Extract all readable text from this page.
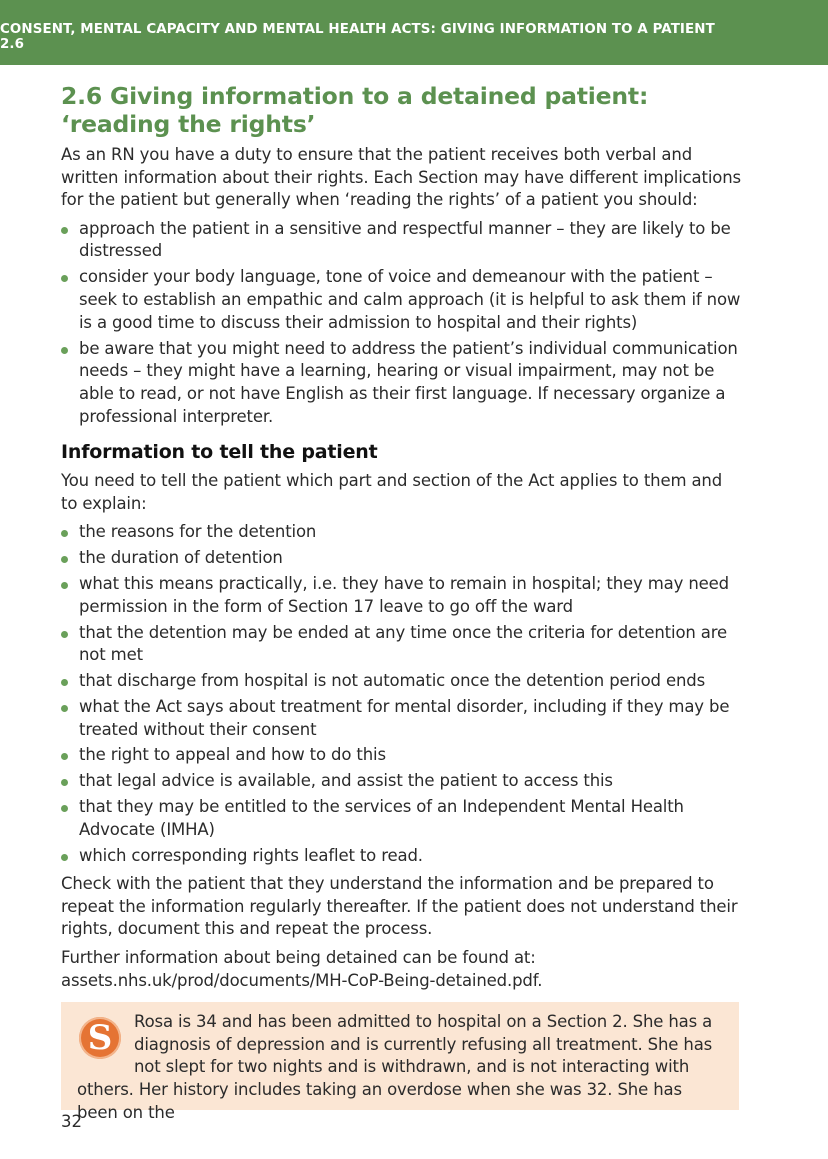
CONSENT, MENTAL CAPACITY AND MENTAL HEALTH ACTS: GIVING INFORMATION TO A PATIENT 2.6
2.6 Giving information to a detained patient: ‘reading the rights’

As an RN you have a duty to ensure that the patient receives both verbal and written information about their rights. Each Section may have different implications for the patient but generally when ‘reading the rights’ of a patient you should:

approach the patient in a sensitive and respectful manner – they are likely to be distressed
consider your body language, tone of voice and demeanour with the patient – seek to establish an empathic and calm approach (it is helpful to ask them if now is a good time to discuss their admission to hospital and their rights)
be aware that you might need to address the patient’s individual communication needs – they might have a learning, hearing or visual impairment, may not be able to read, or not have English as their first language. If necessary organize a professional interpreter.
Information to tell the patient

You need to tell the patient which part and section of the Act applies to them and to explain:

the reasons for the detention
the duration of detention
what this means practically, i.e. they have to remain in hospital; they may need permission in the form of Section 17 leave to go off the ward
that the detention may be ended at any time once the criteria for detention are not met
that discharge from hospital is not automatic once the detention period ends
what the Act says about treatment for mental disorder, including if they may be treated without their consent
the right to appeal and how to do this
that legal advice is available, and assist the patient to access this
that they may be entitled to the services of an Independent Mental Health Advocate (IMHA)
which corresponding rights leaflet to read.

Check with the patient that they understand the information and be prepared to repeat the information regularly thereafter. If the patient does not understand their rights, document this and repeat the process.

Further information about being detained can be found at: assets.nhs.uk/prod/documents/MH-CoP-Being-detained.pdf.

S	Rosa is 34 and has been admitted to hospital on a Section 2. She has a diagnosis of depression and is currently refusing all treatment. She has not slept for two nights and is withdrawn, and is not interacting with others. Her history includes taking an overdose when she was 32. She has been on the

32
